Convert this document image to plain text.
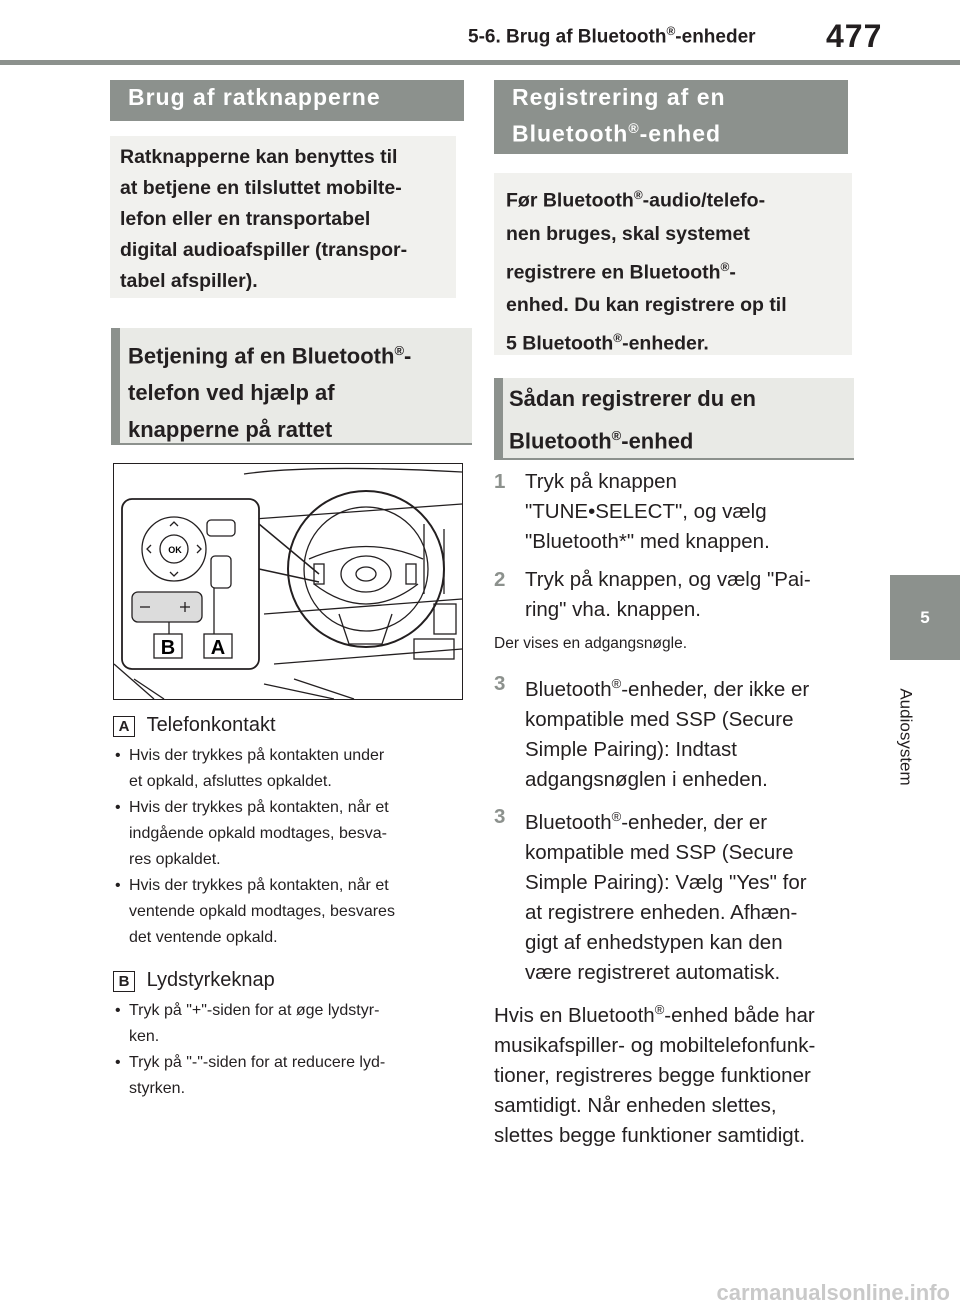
5-6. Brug af Bluetooth®-enheder 477
5
Audiosystem
Brug af ratknapperne
Ratknapperne kan benyttes til
at betjene en tilsluttet mobilte-
lefon eller en transportabel
digital audioafspiller (transpor-
tabel afspiller).
Betjening af en Bluetooth®-
telefon ved hjælp af
knapperne på rattet
OK
B A
A Telefonkontakt
• Hvis der trykkes på kontakten under
et opkald, afsluttes opkaldet.
• Hvis der trykkes på kontakten, når et
indgående opkald modtages, besva-
res opkaldet.
• Hvis der trykkes på kontakten, når et
ventende opkald modtages, besvares
det ventende opkald.
B Lydstyrkeknap
• Tryk på "+"-siden for at øge lydstyr-
ken.
• Tryk på "-"-siden for at reducere lyd-
styrken.
Registrering af en
Bluetooth®-enhed
Før Bluetooth®-audio/telefo-
nen bruges, skal systemet
registrere en Bluetooth®-
enhed. Du kan registrere op til
5 Bluetooth®-enheder.
Sådan registrerer du en
Bluetooth®-enhed
1 Tryk på knappen
"TUNE•SELECT", og vælg
"Bluetooth*" med knappen.
2 Tryk på knappen, og vælg "Pai-
ring" vha. knappen.
Der vises en adgangsnøgle.
3 Bluetooth®-enheder, der ikke er
kompatible med SSP (Secure
Simple Pairing): Indtast
adgangsnøglen i enheden.
3 Bluetooth®-enheder, der er
kompatible med SSP (Secure
Simple Pairing): Vælg "Yes" for
at registrere enheden. Afhæn-
gigt af enhedstypen kan den
være registreret automatisk.
Hvis en Bluetooth®-enhed både har
musikafspiller- og mobiltelefonfunk-
tioner, registreres begge funktioner
samtidigt. Når enheden slettes,
slettes begge funktioner samtidigt.
carmanualsonline.info
